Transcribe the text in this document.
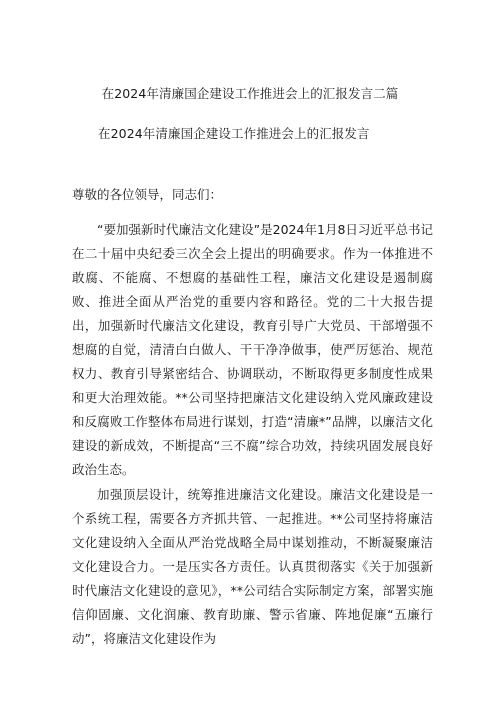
在2024年清廉国企建设工作推进会上的汇报发言二篇
在2024年清廉国企建设工作推进会上的汇报发言
尊敬的各位领导，同志们：

“要加强新时代廉洁文化建设”是2024年1月8日习近平总书记在二十届中央纪委三次全会上提出的明确要求。作为一体推进不敢腐、不能腐、不想腐的基础性工程，廉洁文化建设是遏制腐败、推进全面从严治党的重要内容和路径。党的二十大报告提出，加强新时代廉洁文化建设，教育引导广大党员、干部增强不想腐的自觉，清清白白做人、干干净净做事，使严厉惩治、规范权力、教育引导紧密结合、协调联动，不断取得更多制度性成果和更大治理效能。**公司坚持把廉洁文化建设纳入党风廉政建设和反腐败工作整体布局进行谋划，打造“清廉*”品牌，以廉洁文化建设的新成效，不断提高“三不腐”综合功效，持续巩固发展良好政治生态。

加强顶层设计，统筹推进廉洁文化建设。廉洁文化建设是一个系统工程，需要各方齐抓共管、一起推进。**公司坚持将廉洁文化建设纳入全面从严治党战略全局中谋划推动，不断凝聚廉洁文化建设合力。一是压实各方责任。认真贯彻落实《关于加强新时代廉洁文化建设的意见》，**公司结合实际制定方案，部署实施信仰固廉、文化润廉、教育助廉、警示省廉、阵地促廉“五廉行动”，将廉洁文化建设作为
